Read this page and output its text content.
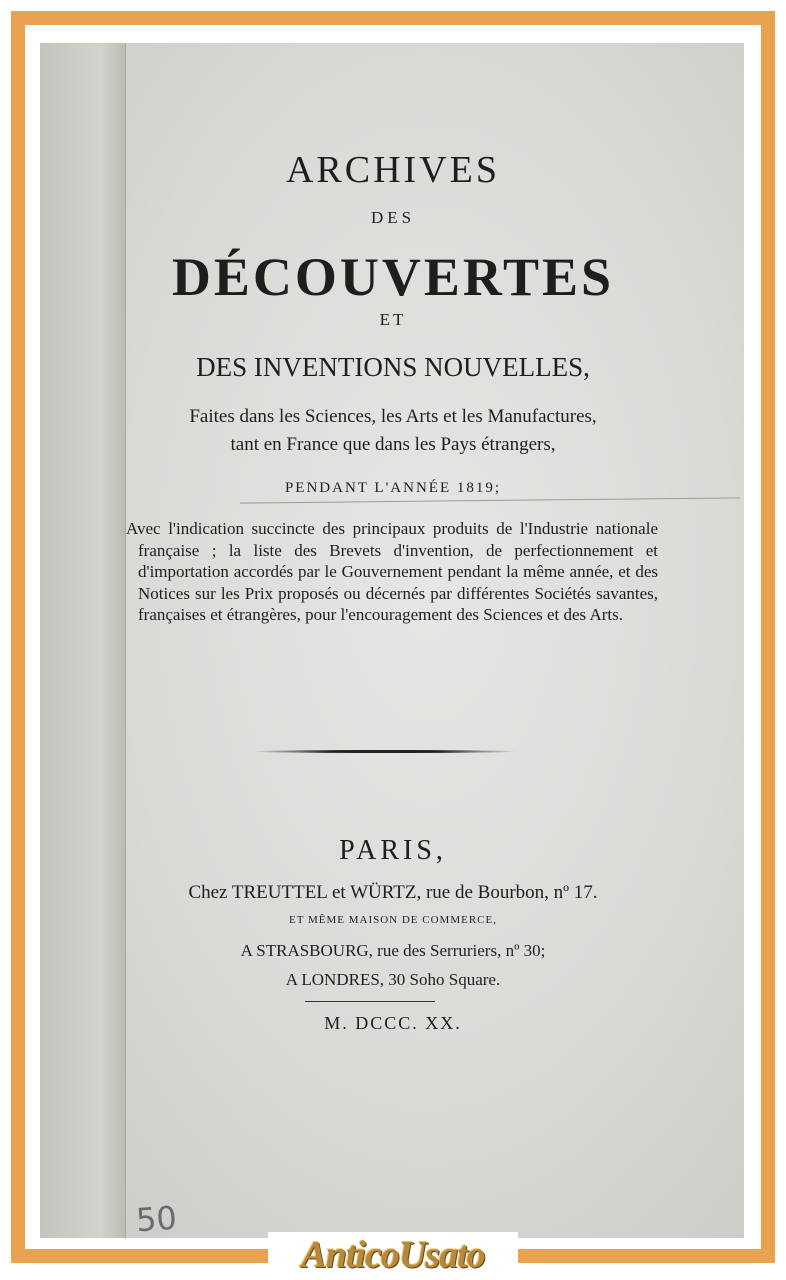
ARCHIVES
DES
DÉCOUVERTES
ET
DES INVENTIONS NOUVELLES,
Faites dans les Sciences, les Arts et les Manufactures,
tant en France que dans les Pays étrangers,
PENDANT L'ANNÉE 1819;
Avec l'indication succincte des principaux produits de l'Industrie nationale française ; la liste des Brevets d'invention, de perfectionnement et d'importation accordés par le Gouvernement pendant la même année, et des Notices sur les Prix proposés ou décernés par différentes Sociétés savantes, françaises et étrangères, pour l'encouragement des Sciences et des Arts.
PARIS,
Chez TREUTTEL et WÜRTZ, rue de Bourbon, nº 17.
ET MÊME MAISON DE COMMERCE,
A STRASBOURG, rue des Serruriers, nº 30;
A LONDRES, 30 Soho Square.
M. DCCC. XX.
50
AnticoUsato
